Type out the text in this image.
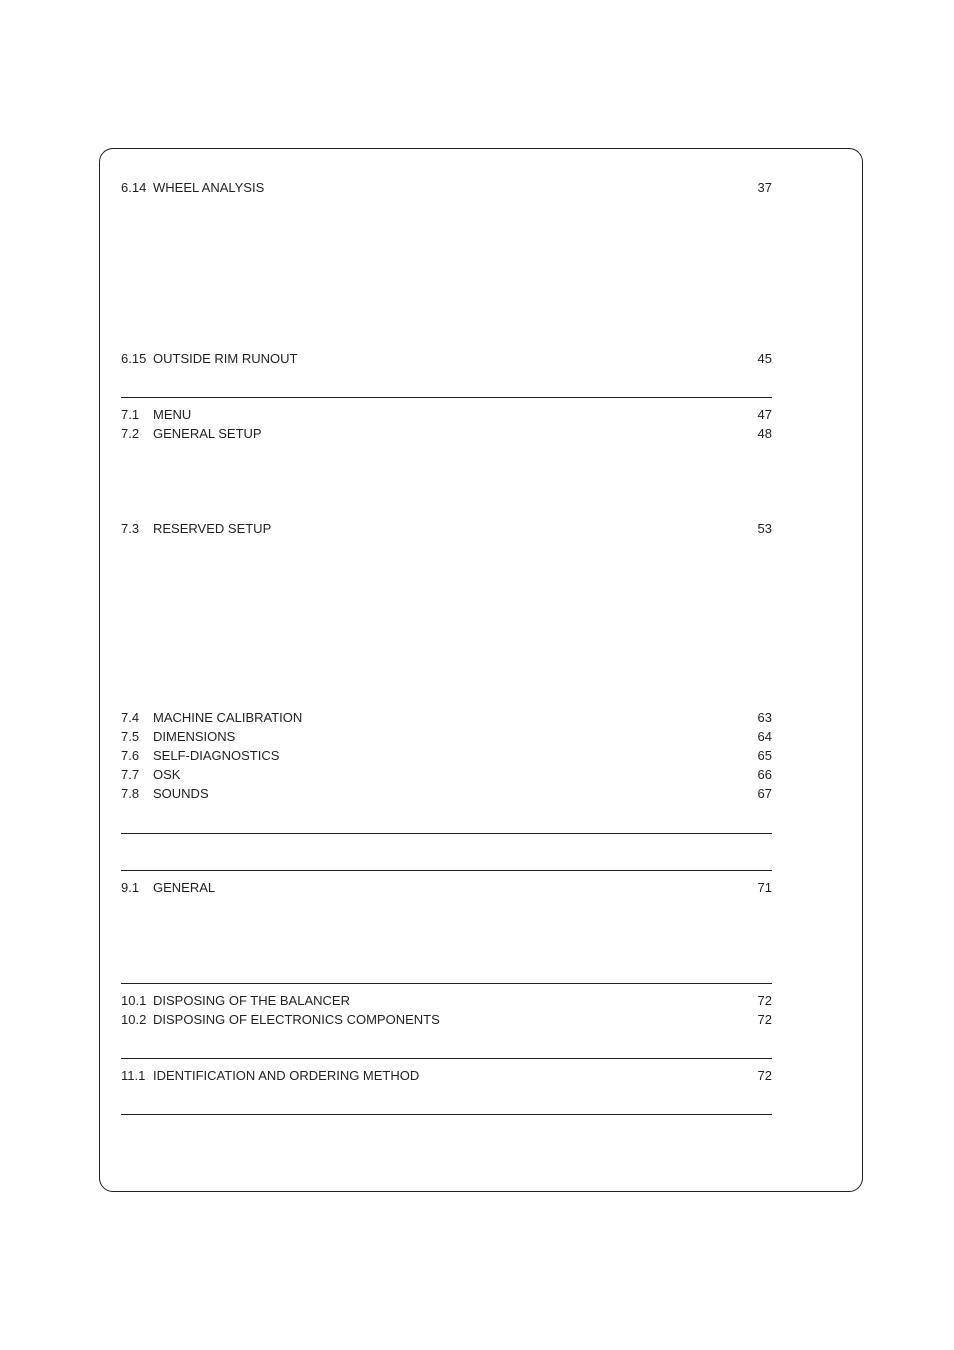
6.14 WHEEL ANALYSIS	37
6.15 OUTSIDE RIM RUNOUT	45
7.1 MENU	47
7.2 GENERAL SETUP	48
7.3 RESERVED SETUP	53
7.4 MACHINE CALIBRATION	63
7.5 DIMENSIONS	64
7.6 SELF-DIAGNOSTICS	65
7.7 OSK	66
7.8 SOUNDS	67
9.1 GENERAL	71
10.1 DISPOSING OF THE BALANCER	72
10.2 DISPOSING OF ELECTRONICS COMPONENTS	72
11.1 IDENTIFICATION AND ORDERING METHOD	72
